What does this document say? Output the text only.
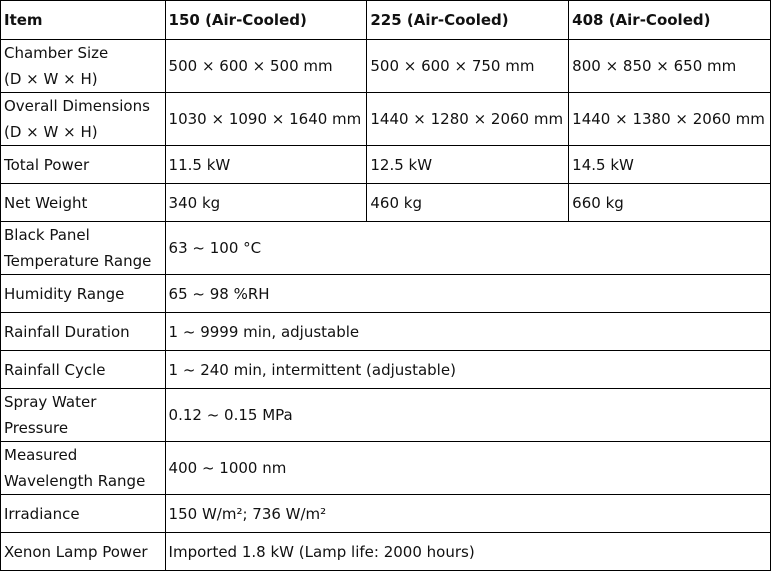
Item	150 (Air-Cooled)	225 (Air-Cooled)	408 (Air-Cooled)
Chamber Size
(D × W × H)	500 × 600 × 500 mm	500 × 600 × 750 mm	800 × 850 × 650 mm
Overall Dimensions
(D × W × H)	1030 × 1090 × 1640 mm	1440 × 1280 × 2060 mm	1440 × 1380 × 2060 mm
Total Power	11.5 kW	12.5 kW	14.5 kW
Net Weight	340 kg	460 kg	660 kg
Black Panel
Temperature Range	63 ~ 100 °C		
Humidity Range	65 ~ 98 %RH		
Rainfall Duration	1 ~ 9999 min, adjustable		
Rainfall Cycle	1 ~ 240 min, intermittent (adjustable)		
Spray Water
Pressure	0.12 ~ 0.15 MPa		
Measured
Wavelength Range	400 ~ 1000 nm		
Irradiance	150 W/m²; 736 W/m²		
Xenon Lamp Power	Imported 1.8 kW (Lamp life: 2000 hours)		
